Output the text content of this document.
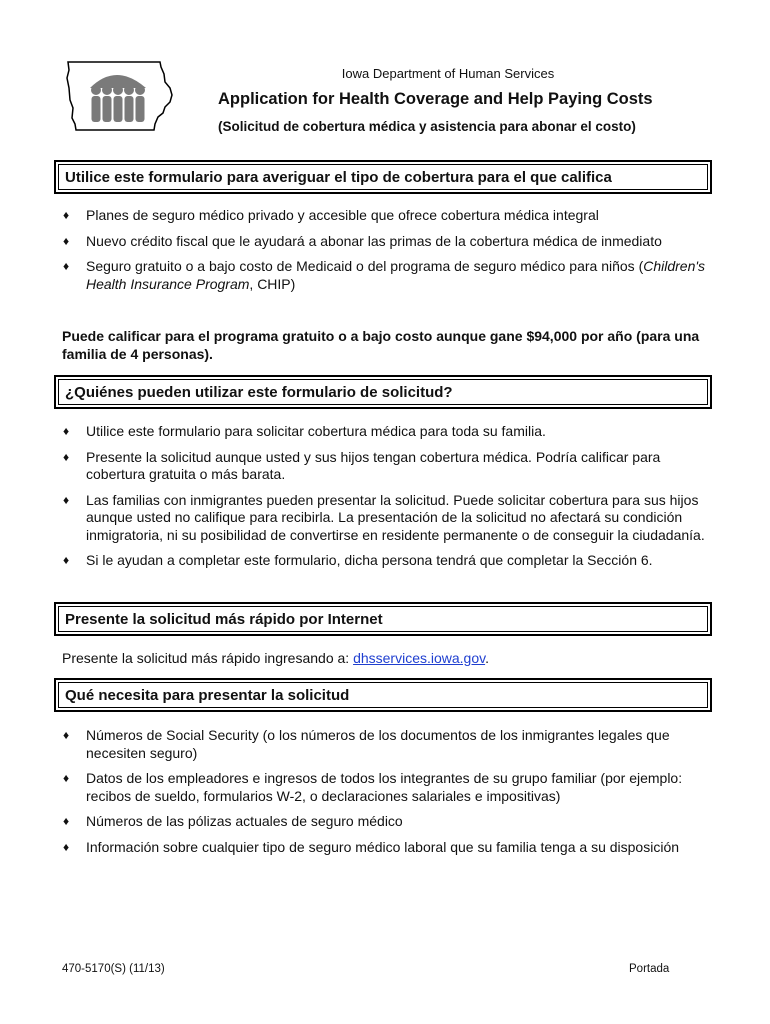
Iowa Department of Human Services
Application for Health Coverage and Help Paying Costs
(Solicitud de cobertura médica y asistencia para abonar el costo)
Utilice este formulario para averiguar el tipo de cobertura para el que califica
♦ Planes de seguro médico privado y accesible que ofrece cobertura médica integral
♦ Nuevo crédito fiscal que le ayudará a abonar las primas de la cobertura médica de inmediato
♦ Seguro gratuito o a bajo costo de Medicaid o del programa de seguro médico para niños (Children's Health Insurance Program, CHIP)
Puede calificar para el programa gratuito o a bajo costo aunque gane $94,000 por año (para una familia de 4 personas).
¿Quiénes pueden utilizar este formulario de solicitud?
♦ Utilice este formulario para solicitar cobertura médica para toda su familia.
♦ Presente la solicitud aunque usted y sus hijos tengan cobertura médica. Podría calificar para cobertura gratuita o más barata.
♦ Las familias con inmigrantes pueden presentar la solicitud. Puede solicitar cobertura para sus hijos aunque usted no califique para recibirla. La presentación de la solicitud no afectará su condición inmigratoria, ni su posibilidad de convertirse en residente permanente o de conseguir la ciudadanía.
♦ Si le ayudan a completar este formulario, dicha persona tendrá que completar la Sección 6.
Presente la solicitud más rápido por Internet
Presente la solicitud más rápido ingresando a: dhsservices.iowa.gov.
Qué necesita para presentar la solicitud
♦ Números de Social Security (o los números de los documentos de los inmigrantes legales que necesiten seguro)
♦ Datos de los empleadores e ingresos de todos los integrantes de su grupo familiar (por ejemplo: recibos de sueldo, formularios W-2, o declaraciones salariales e impositivas)
♦ Números de las pólizas actuales de seguro médico
♦ Información sobre cualquier tipo de seguro médico laboral que su familia tenga a su disposición
470-5170(S) (11/13)	Portada
